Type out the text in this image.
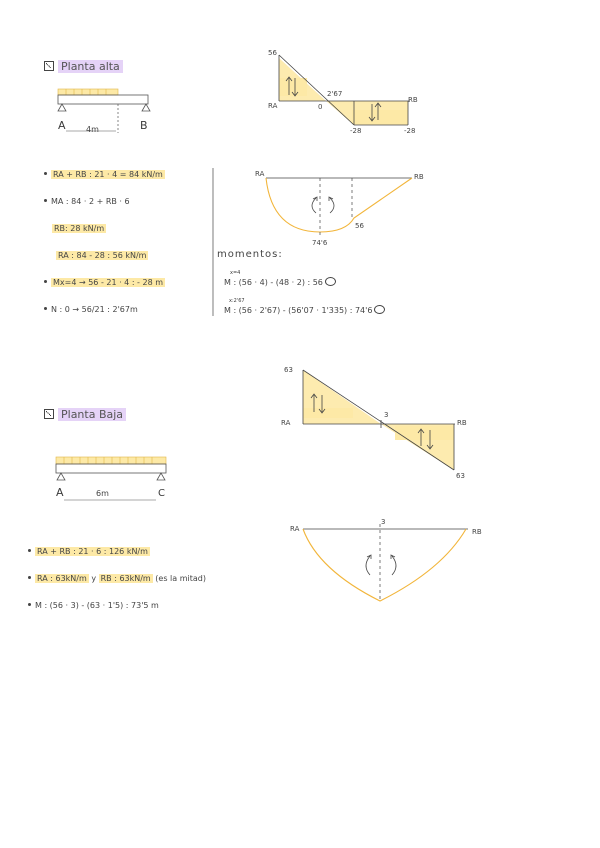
Planta alta
A	B
4m
56
RA	0
2'67
RB
-28	-28
RA	RB
74'6
56
RA + RB : 21 · 4 = 84 kN/m
MA : 84 · 2 + RB · 6
RB: 28 kN/m
RA : 84 - 28 : 56 kN/m
Mx=4 → 56 - 21 · 4 : - 28 m
N : 0 → 56/21 : 2'67m
momentos:
x=4
M : (56 · 4) - (48 · 2) : 56
x:2'67
M : (56 · 2'67) - (56'07 · 1'335) : 74'6
Planta Baja
A	C
6m
63
RA
3
RB
63
RA
3
RB
RA + RB : 21 · 6 : 126 kN/m
RA : 63kN/m y RB : 63kN/m (es la mitad)
M : (56 · 3) - (63 · 1'5) : 73'5 m
